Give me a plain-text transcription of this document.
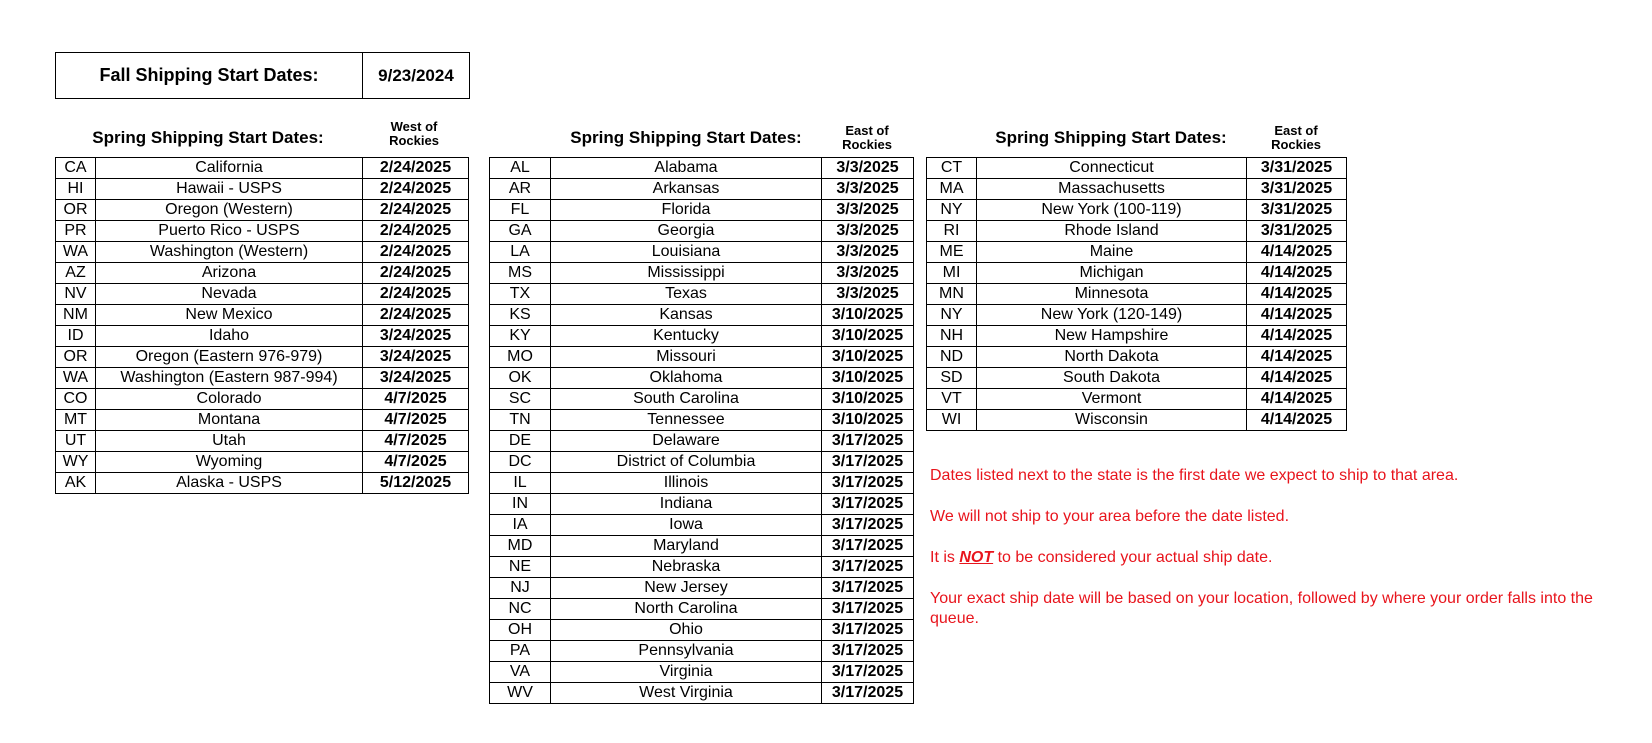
Fall Shipping Start Dates:	9/23/2024
Spring Shipping Start Dates:
West of
Rockies
CA	California	2/24/2025
HI	Hawaii - USPS	2/24/2025
OR	Oregon (Western)	2/24/2025
PR	Puerto Rico - USPS	2/24/2025
WA	Washington (Western)	2/24/2025
AZ	Arizona	2/24/2025
NV	Nevada	2/24/2025
NM	New Mexico	2/24/2025
ID	Idaho	3/24/2025
OR	Oregon (Eastern 976-979)	3/24/2025
WA	Washington (Eastern 987-994)	3/24/2025
CO	Colorado	4/7/2025
MT	Montana	4/7/2025
UT	Utah	4/7/2025
WY	Wyoming	4/7/2025
AK	Alaska - USPS	5/12/2025
Spring Shipping Start Dates:	East of
Rockies
AL	Alabama	3/3/2025
AR	Arkansas	3/3/2025
FL	Florida	3/3/2025
GA	Georgia	3/3/2025
LA	Louisiana	3/3/2025
MS	Mississippi	3/3/2025
TX	Texas	3/3/2025
KS	Kansas	3/10/2025
KY	Kentucky	3/10/2025
MO	Missouri	3/10/2025
OK	Oklahoma	3/10/2025
SC	South Carolina	3/10/2025
TN	Tennessee	3/10/2025
DE	Delaware	3/17/2025
DC	District of Columbia	3/17/2025
IL	Illinois	3/17/2025
IN	Indiana	3/17/2025
IA	Iowa	3/17/2025
MD	Maryland	3/17/2025
NE	Nebraska	3/17/2025
NJ	New Jersey	3/17/2025
NC	North Carolina	3/17/2025
OH	Ohio	3/17/2025
PA	Pennsylvania	3/17/2025
VA	Virginia	3/17/2025
WV	West Virginia	3/17/2025
Spring Shipping Start Dates:	East of
Rockies
CT	Connecticut	3/31/2025
MA	Massachusetts	3/31/2025
NY	New York (100-119)	3/31/2025
RI	Rhode Island	3/31/2025
ME	Maine	4/14/2025
MI	Michigan	4/14/2025
MN	Minnesota	4/14/2025
NY	New York (120-149)	4/14/2025
NH	New Hampshire	4/14/2025
ND	North Dakota	4/14/2025
SD	South Dakota	4/14/2025
VT	Vermont	4/14/2025
WI	Wisconsin	4/14/2025

Dates listed next to the state is the first date we expect to ship to that area.

We will not ship to your area before the date listed.

It is NOT to be considered your actual ship date.

Your exact ship date will be based on your location, followed by where your order falls into the queue.
